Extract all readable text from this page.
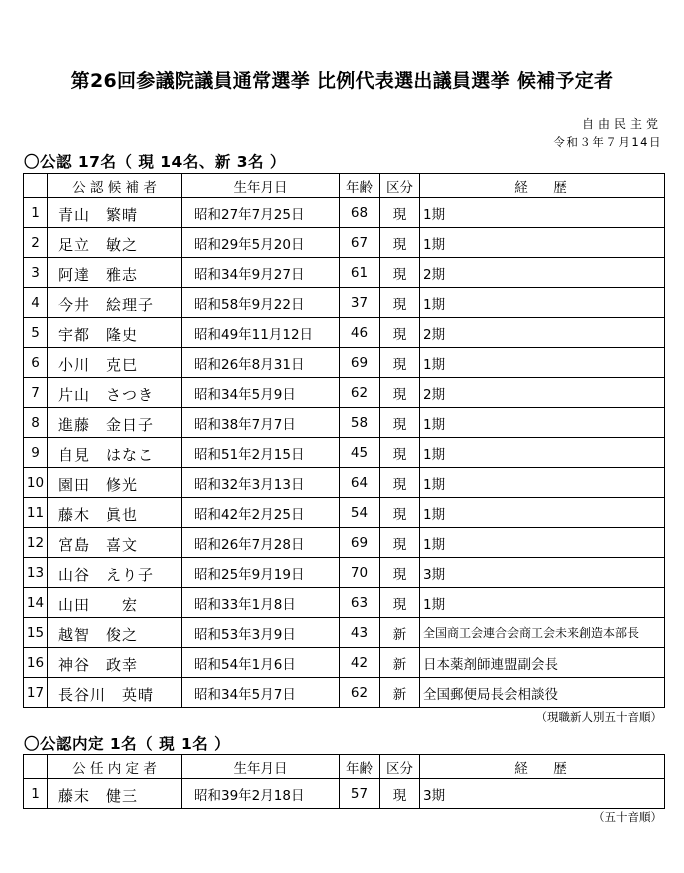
第26回参議院議員通常選挙 比例代表選出議員選挙 候補予定者
自由民主党
令和３年７月14日
〇公認 17名（ 現 14名、新 3名 ）
	公 認 候 補 者	生年月日	年齢	区分	経　歴
1	青山　繁晴	昭和27年7月25日	68	現	1期
2	足立　敏之	昭和29年5月20日	67	現	1期
3	阿達　雅志	昭和34年9月27日	61	現	2期
4	今井　絵理子	昭和58年9月22日	37	現	1期
5	宇都　隆史	昭和49年11月12日	46	現	2期
6	小川　克巳	昭和26年8月31日	69	現	1期
7	片山　さつき	昭和34年5月9日	62	現	2期
8	進藤　金日子	昭和38年7月7日	58	現	1期
9	自見　はなこ	昭和51年2月15日	45	現	1期
10	園田　修光	昭和32年3月13日	64	現	1期
11	藤木　眞也	昭和42年2月25日	54	現	1期
12	宮島　喜文	昭和26年7月28日	69	現	1期
13	山谷　えり子	昭和25年9月19日	70	現	3期
14	山田　　宏	昭和33年1月8日	63	現	1期
15	越智　俊之	昭和53年3月9日	43	新	全国商工会連合会商工会未来創造本部長
16	神谷　政幸	昭和54年1月6日	42	新	日本薬剤師連盟副会長
17	長谷川　英晴	昭和34年5月7日	62	新	全国郵便局長会相談役
（現職新人別五十音順）
〇公認内定 1名（ 現 1名 ）
	公 任 内 定 者	生年月日	年齢	区分	経　歴
1	藤末　健三	昭和39年2月18日	57	現	3期
（五十音順）
